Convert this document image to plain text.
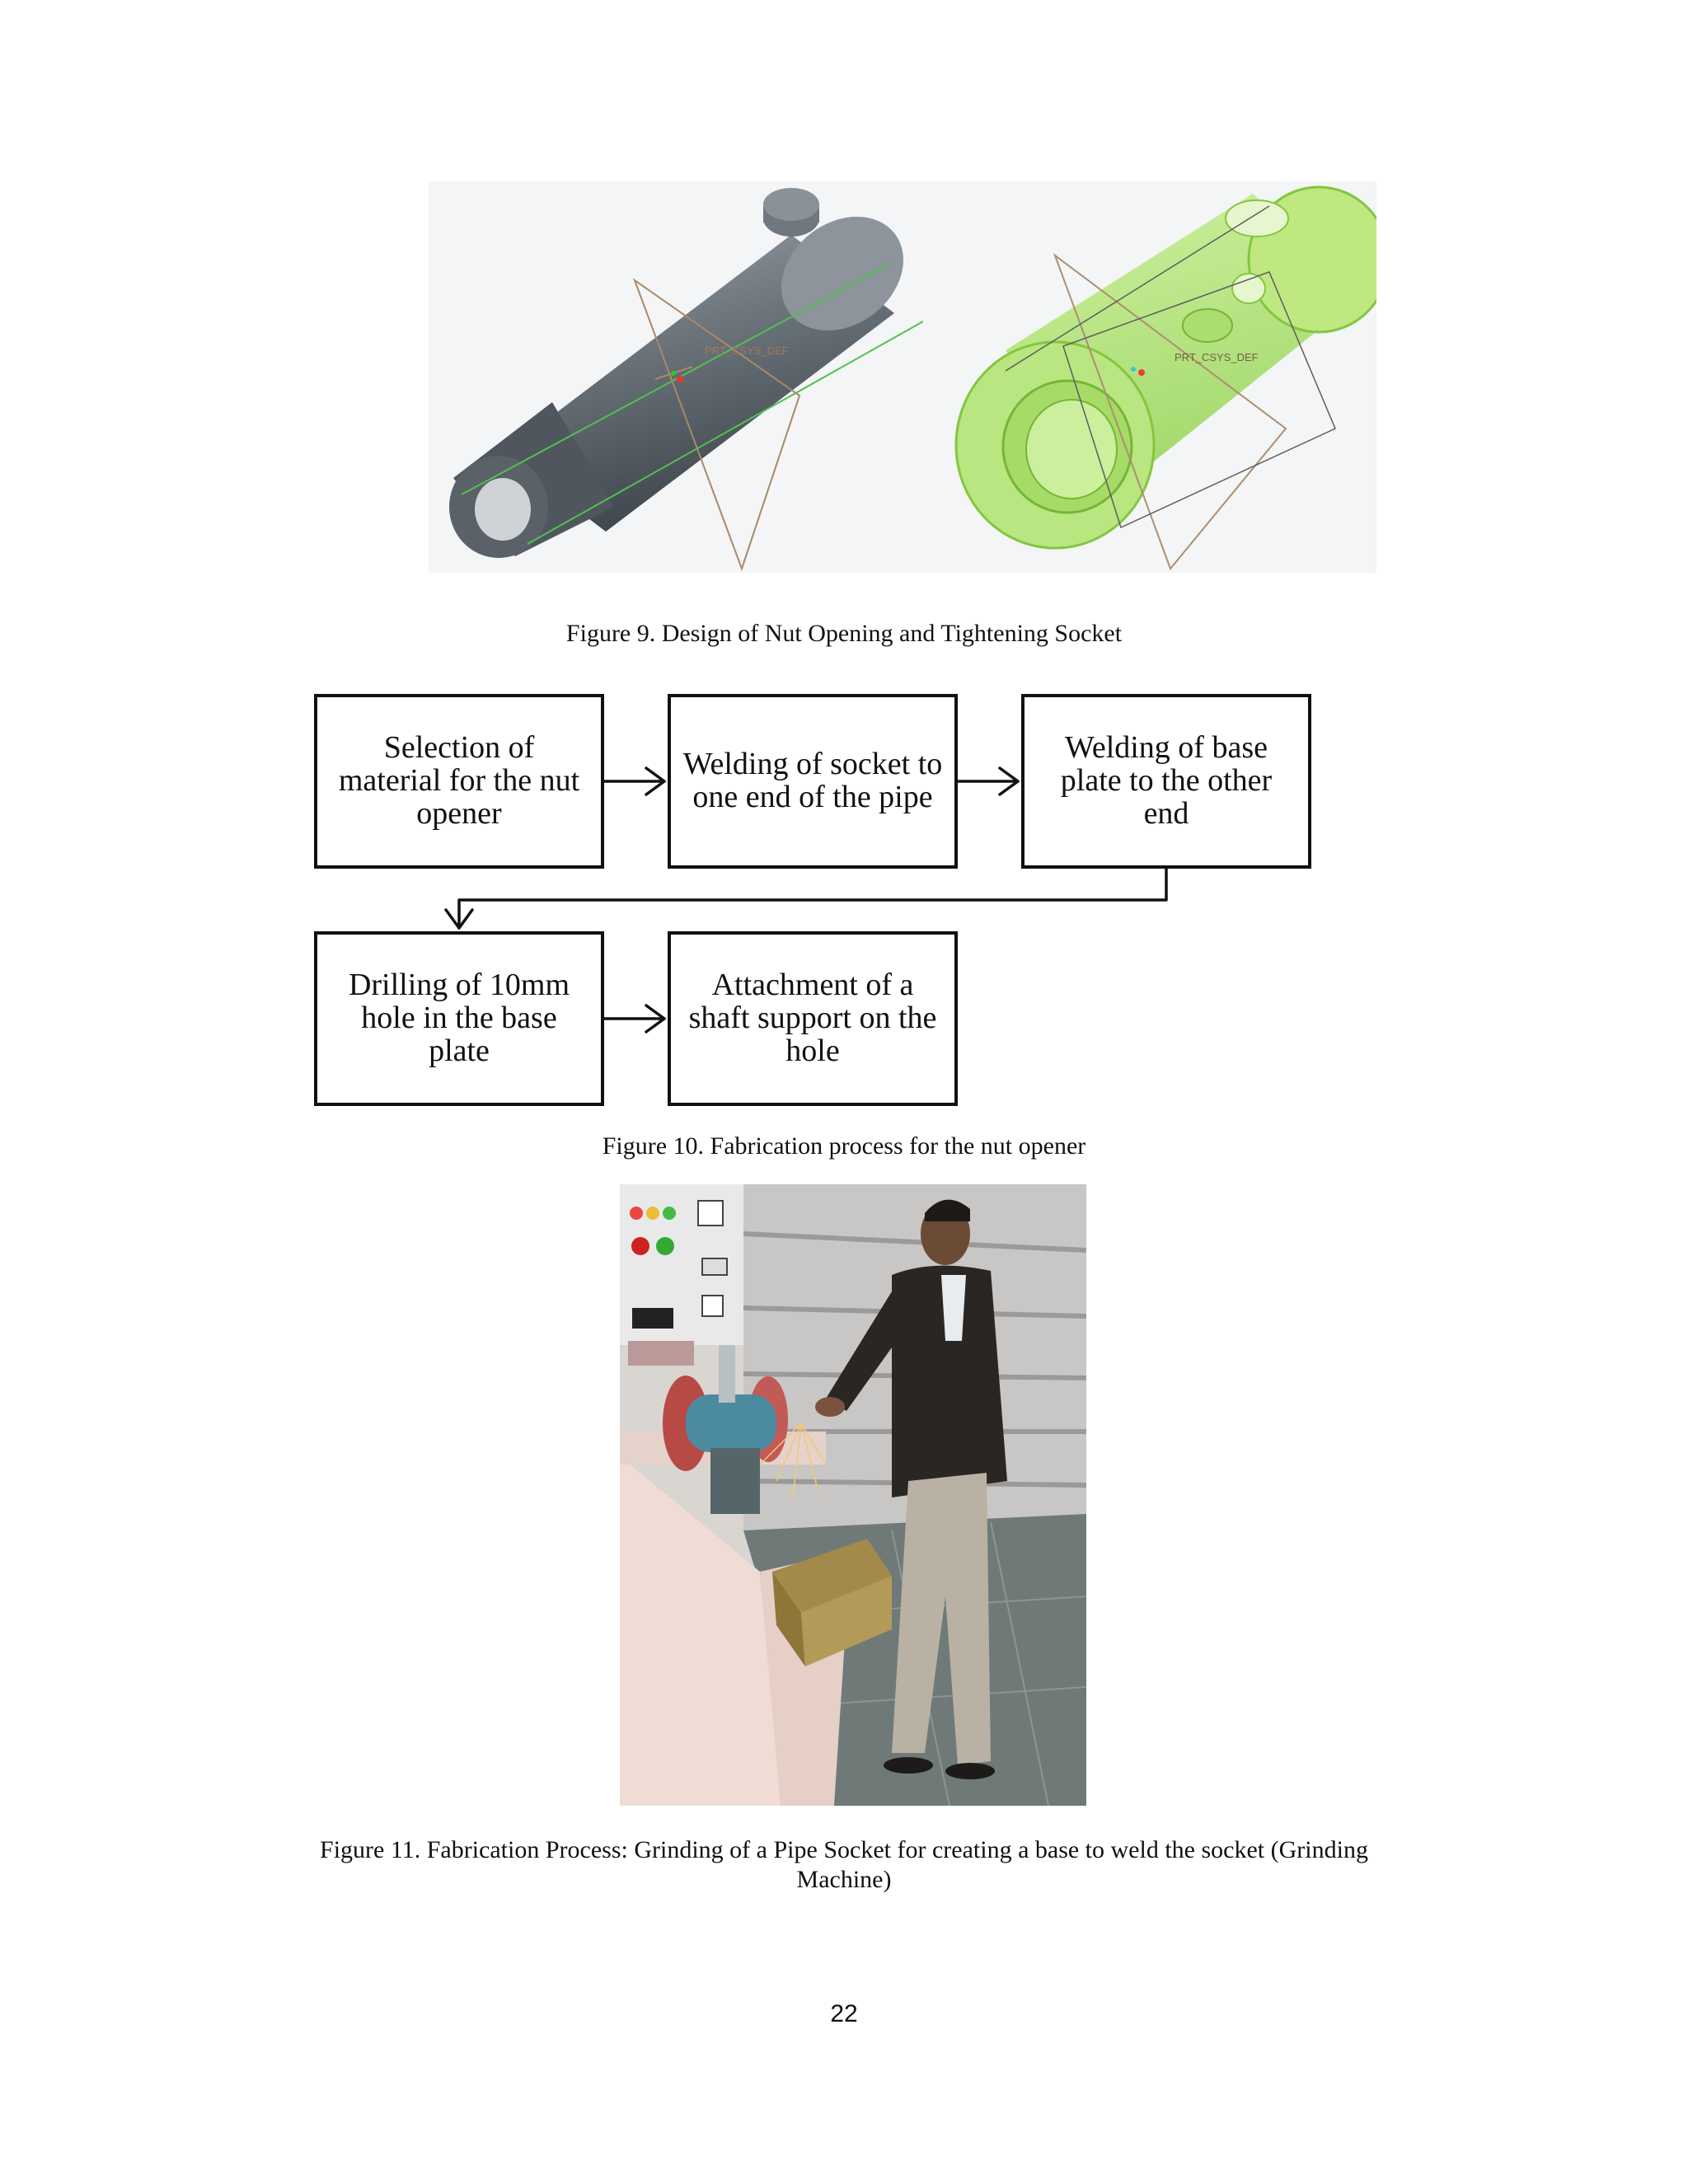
PRT_CSYS_DEF
PRT_CSYS_DEF
Figure 9. Design of Nut Opening and Tightening Socket
Selection of material for the nut opener
Welding of socket to one end of the pipe
Welding of base plate to the other end
Drilling of 10mm hole in the base plate
Attachment of a shaft support on the hole
Figure 10. Fabrication process for the nut opener
Figure 11. Fabrication Process: Grinding of a Pipe Socket for creating a base to weld the socket (Grinding
Machine)
22
